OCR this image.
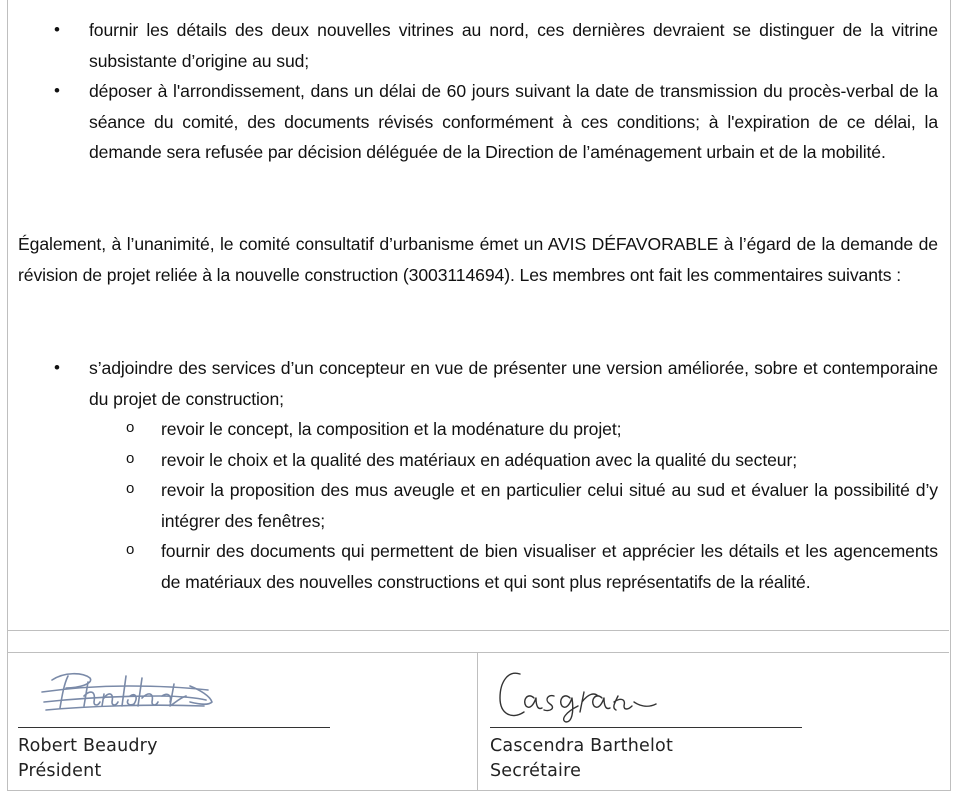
• fournir les détails des deux nouvelles vitrines au nord, ces dernières devraient se distinguer de la vitrine subsistante d’origine au sud;
• déposer à l'arrondissement, dans un délai de 60 jours suivant la date de transmission du procès-verbal de la séance du comité, des documents révisés conformément à ces conditions; à l'expiration de ce délai, la demande sera refusée par décision déléguée de la Direction de l’aménagement urbain et de la mobilité.
Également, à l’unanimité, le comité consultatif d’urbanisme émet un AVIS DÉFAVORABLE à l’égard de la demande de révision de projet reliée à la nouvelle construction (3003114694). Les membres ont fait les commentaires suivants :
• s’adjoindre des services d’un concepteur en vue de présenter une version améliorée, sobre et contemporaine du projet de construction;
o revoir le concept, la composition et la modénature du projet;
o revoir le choix et la qualité des matériaux en adéquation avec la qualité du secteur;
o revoir la proposition des mus aveugle et en particulier celui situé au sud et évaluer la possibilité d’y intégrer des fenêtres;
o fournir des documents qui permettent de bien visualiser et apprécier les détails et les agencements de matériaux des nouvelles constructions et qui sont plus représentatifs de la réalité.
Robert Beaudry
Président
Cascendra Barthelot
Secrétaire
